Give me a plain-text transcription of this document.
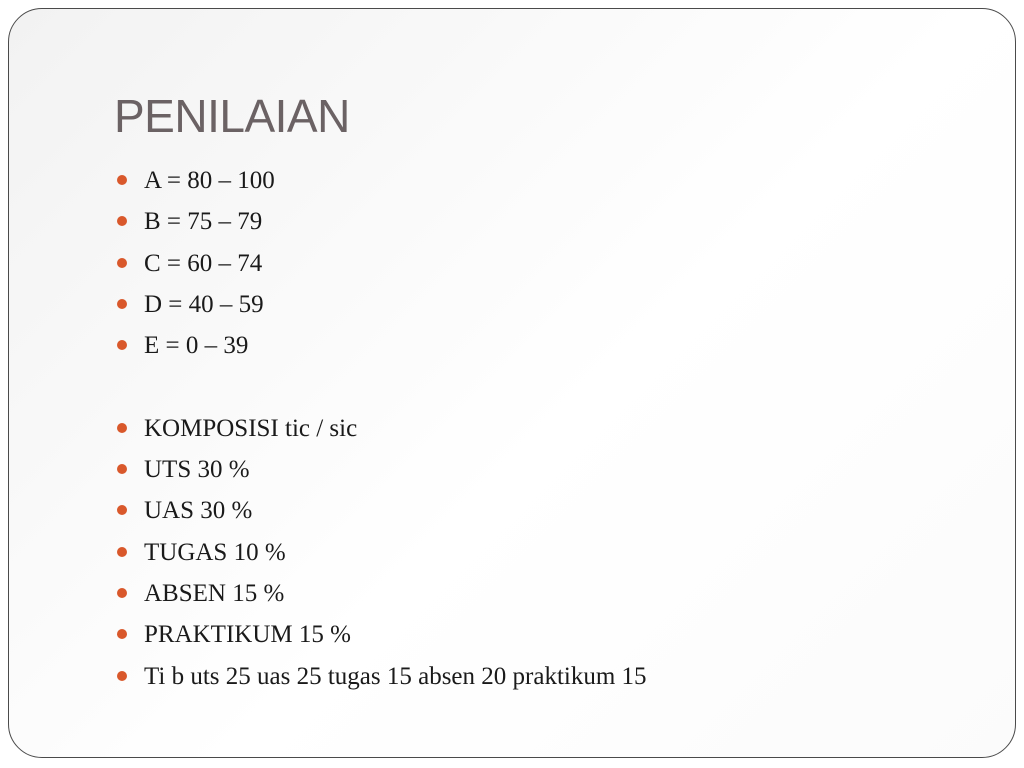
PENILAIAN
A = 80 – 100
B = 75 – 79
C = 60 – 74
D = 40 – 59
E = 0 – 39
KOMPOSISI tic / sic
UTS 30 %
UAS 30 %
TUGAS 10 %
ABSEN 15 %
PRAKTIKUM 15 %
Ti b uts 25 uas 25 tugas 15 absen 20 praktikum 15
